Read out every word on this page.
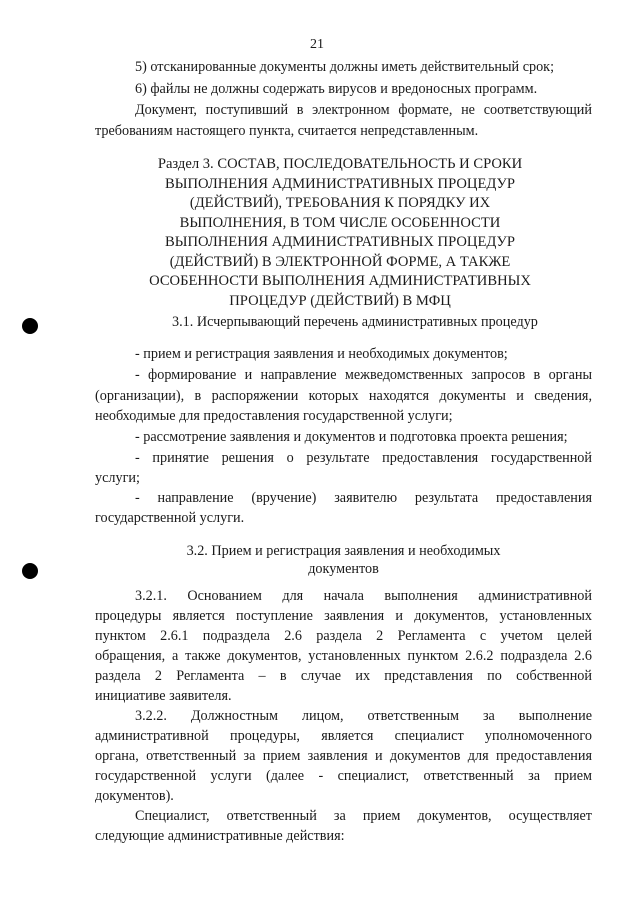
21
5) отсканированные документы должны иметь действительный срок;
6) файлы не должны содержать вирусов и вредоносных программ.
Документ, поступивший в электронном формате, не соответствующий
требованиям настоящего пункта, считается непредставленным.
Раздел 3. СОСТАВ, ПОСЛЕДОВАТЕЛЬНОСТЬ И СРОКИ
ВЫПОЛНЕНИЯ АДМИНИСТРАТИВНЫХ ПРОЦЕДУР
(ДЕЙСТВИЙ), ТРЕБОВАНИЯ К ПОРЯДКУ ИХ
ВЫПОЛНЕНИЯ, В ТОМ ЧИСЛЕ ОСОБЕННОСТИ
ВЫПОЛНЕНИЯ АДМИНИСТРАТИВНЫХ ПРОЦЕДУР
(ДЕЙСТВИЙ) В ЭЛЕКТРОННОЙ ФОРМЕ, А ТАКЖЕ
ОСОБЕННОСТИ ВЫПОЛНЕНИЯ АДМИНИСТРАТИВНЫХ
ПРОЦЕДУР (ДЕЙСТВИЙ) В МФЦ
3.1. Исчерпывающий перечень административных процедур
- прием и регистрация заявления и необходимых документов;
- формирование и направление межведомственных запросов в органы
(организации), в распоряжении которых находятся документы и сведения,
необходимые для предоставления государственной услуги;
- рассмотрение заявления и документов и подготовка проекта решения;
- принятие решения о результате предоставления государственной
услуги;
- направление (вручение) заявителю результата предоставления
государственной услуги.
3.2. Прием и регистрация заявления и необходимых
документов
3.2.1. Основанием для начала выполнения административной
процедуры является поступление заявления и документов, установленных
пунктом 2.6.1 подраздела 2.6 раздела 2 Регламента с учетом целей
обращения, а также документов, установленных пунктом 2.6.2 подраздела 2.6
раздела 2 Регламента – в случае их представления по собственной
инициативе заявителя.
3.2.2. Должностным лицом, ответственным за выполнение
административной процедуры, является специалист уполномоченного
органа, ответственный за прием заявления и документов для предоставления
государственной услуги (далее - специалист, ответственный за прием
документов).
Специалист, ответственный за прием документов, осуществляет
следующие административные действия:
